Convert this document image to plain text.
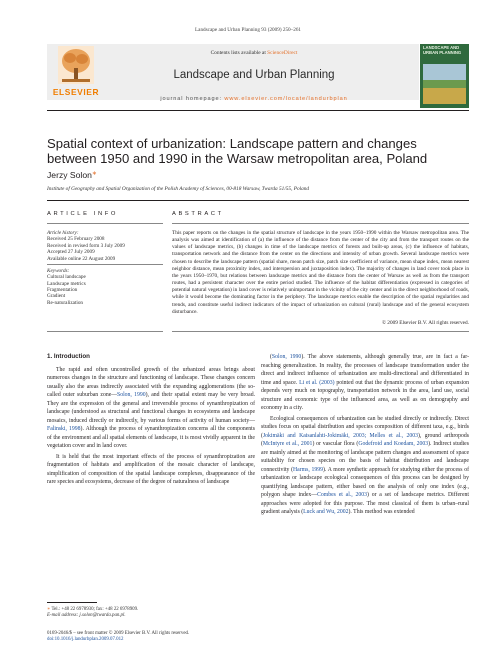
Landscape and Urban Planning 93 (2009) 250–261
ELSEVIER
Contents lists available at ScienceDirect
Landscape and Urban Planning
journal homepage: www.elsevier.com/locate/landurbplan
LANDSCAPE AND URBAN PLANNING
Spatial context of urbanization: Landscape pattern and changes between 1950 and 1990 in the Warsaw metropolitan area, Poland
Jerzy Solon∗
Institute of Geography and Spatial Organization of the Polish Academy of Sciences, 00-818 Warsaw, Twarda 51/55, Poland
ARTICLE INFO	ABSTRACT
Article history:
Received 25 February 2008
Received in revised form 3 July 2009
Accepted 27 July 2009
Available online 22 August 2009
Keywords:
Cultural landscape
Landscape metrics
Fragmentation
Gradient
Re-naturalization
This paper reports on the changes in the spatial structure of landscape in the years 1950–1990 within the Warsaw metropolitan area. The analysis was aimed at identification of (a) the influence of the distance from the center of the city and from the transport routes on the values of landscape metrics, (b) changes in time of the landscape metrics of forests and built-up areas, (c) the influence of habitats, transportation network and the distance from the center on the directions and intensity of urban growth. Several landscape metrics were chosen to describe the landscape pattern (spatial share, mean patch size, patch size coefficient of variance, mean shape index, mean nearest neighbor distance, mean proximity index, and interspersion and juxtaposition index). The majority of changes in land cover took place in the years 1950–1970, but relations between landscape metrics and the distance from the center of Warsaw as well as from the transport routes, had a persistent character over the entire period studied. The influence of the habitat differentiation (expressed in categories of potential natural vegetation) in land cover is relatively unimportant in the vicinity of the city center and in the direct neighborhood of roads, while it would become the dominating factor in the periphery. The landscape metrics enable the description of the spatial regularities and trends, and constitute useful indirect indicators of the impact of urbanization on cultural (rural) landscape and of the general ecosystem disturbance.
© 2009 Elsevier B.V. All rights reserved.
1. Introduction
The rapid and often uncontrolled growth of the urbanized areas brings about numerous changes in the structure and functioning of landscape. These changes concern usually also the areas indirectly associated with the expanding agglomerations (the so-called outer suburban zone—Solon, 1990), and their spatial extent may be very broad. They are the expression of the general and irreversible process of synanthropization of landscape (understood as structural and functional changes in ecosystems and landscape mosaics, induced directly or indirectly, by various forms of activity of human society—Falinski, 1998). Although the process of synanthropization concerns all the components of the environment and all spatial elements of landscape, it is most vividly apparent in the vegetation cover and in land cover.
It is held that the most important effects of the process of synanthropization are fragmentation of habitats and amplification of the mosaic character of landscape, simplification of composition of the spatial landscape complexes, disappearance of the rare species and ecosystems, decrease of the degree of naturalness of landscape
(Solon, 1990). The above statements, although generally true, are in fact a far-reaching generalization. In reality, the processes of landscape transformation under the direct and indirect influence of urbanization are multi-directional and differentiated in time and space. Li et al. (2003) pointed out that the dynamic process of urban expansion depends very much on topography, transportation network in the area, land use, social structure and economic type of the influenced area, as well as on demography and economy in a city.
Ecological consequences of urbanization can be studied directly or indirectly. Direct studies focus on spatial distribution and species composition of different taxa, e.g., birds (Jokimäki and Kaisanlahti-Jokimäki, 2003; Melles et al., 2003), ground arthropods (McIntyre et al., 2001) or vascular flora (Godefroid and Koedam, 2003). Indirect studies are mainly aimed at the monitoring of landscape pattern changes and assessment of space suitability for chosen species on the basis of habitat distribution and landscape connectivity (Harms, 1999). A more synthetic approach for studying either the process of urbanization or landscape ecological consequences of this process can be designed by quantifying landscape pattern, either based on the analysis of only one index (e.g., polygon shape index—Combes et al., 2003) or a set of landscape metrics. Different approaches were adopted for this purpose. The most classical of them is urban–rural gradient analysis (Luck and Wu, 2002). This method was extended
∗ Tel.: +48 22 6978930; fax: +48 22 6978909.
E-mail address: j.solon@twarda.pan.pl.
0169-2046/$ – see front matter © 2009 Elsevier B.V. All rights reserved.
doi:10.1016/j.landurbplan.2009.07.012
